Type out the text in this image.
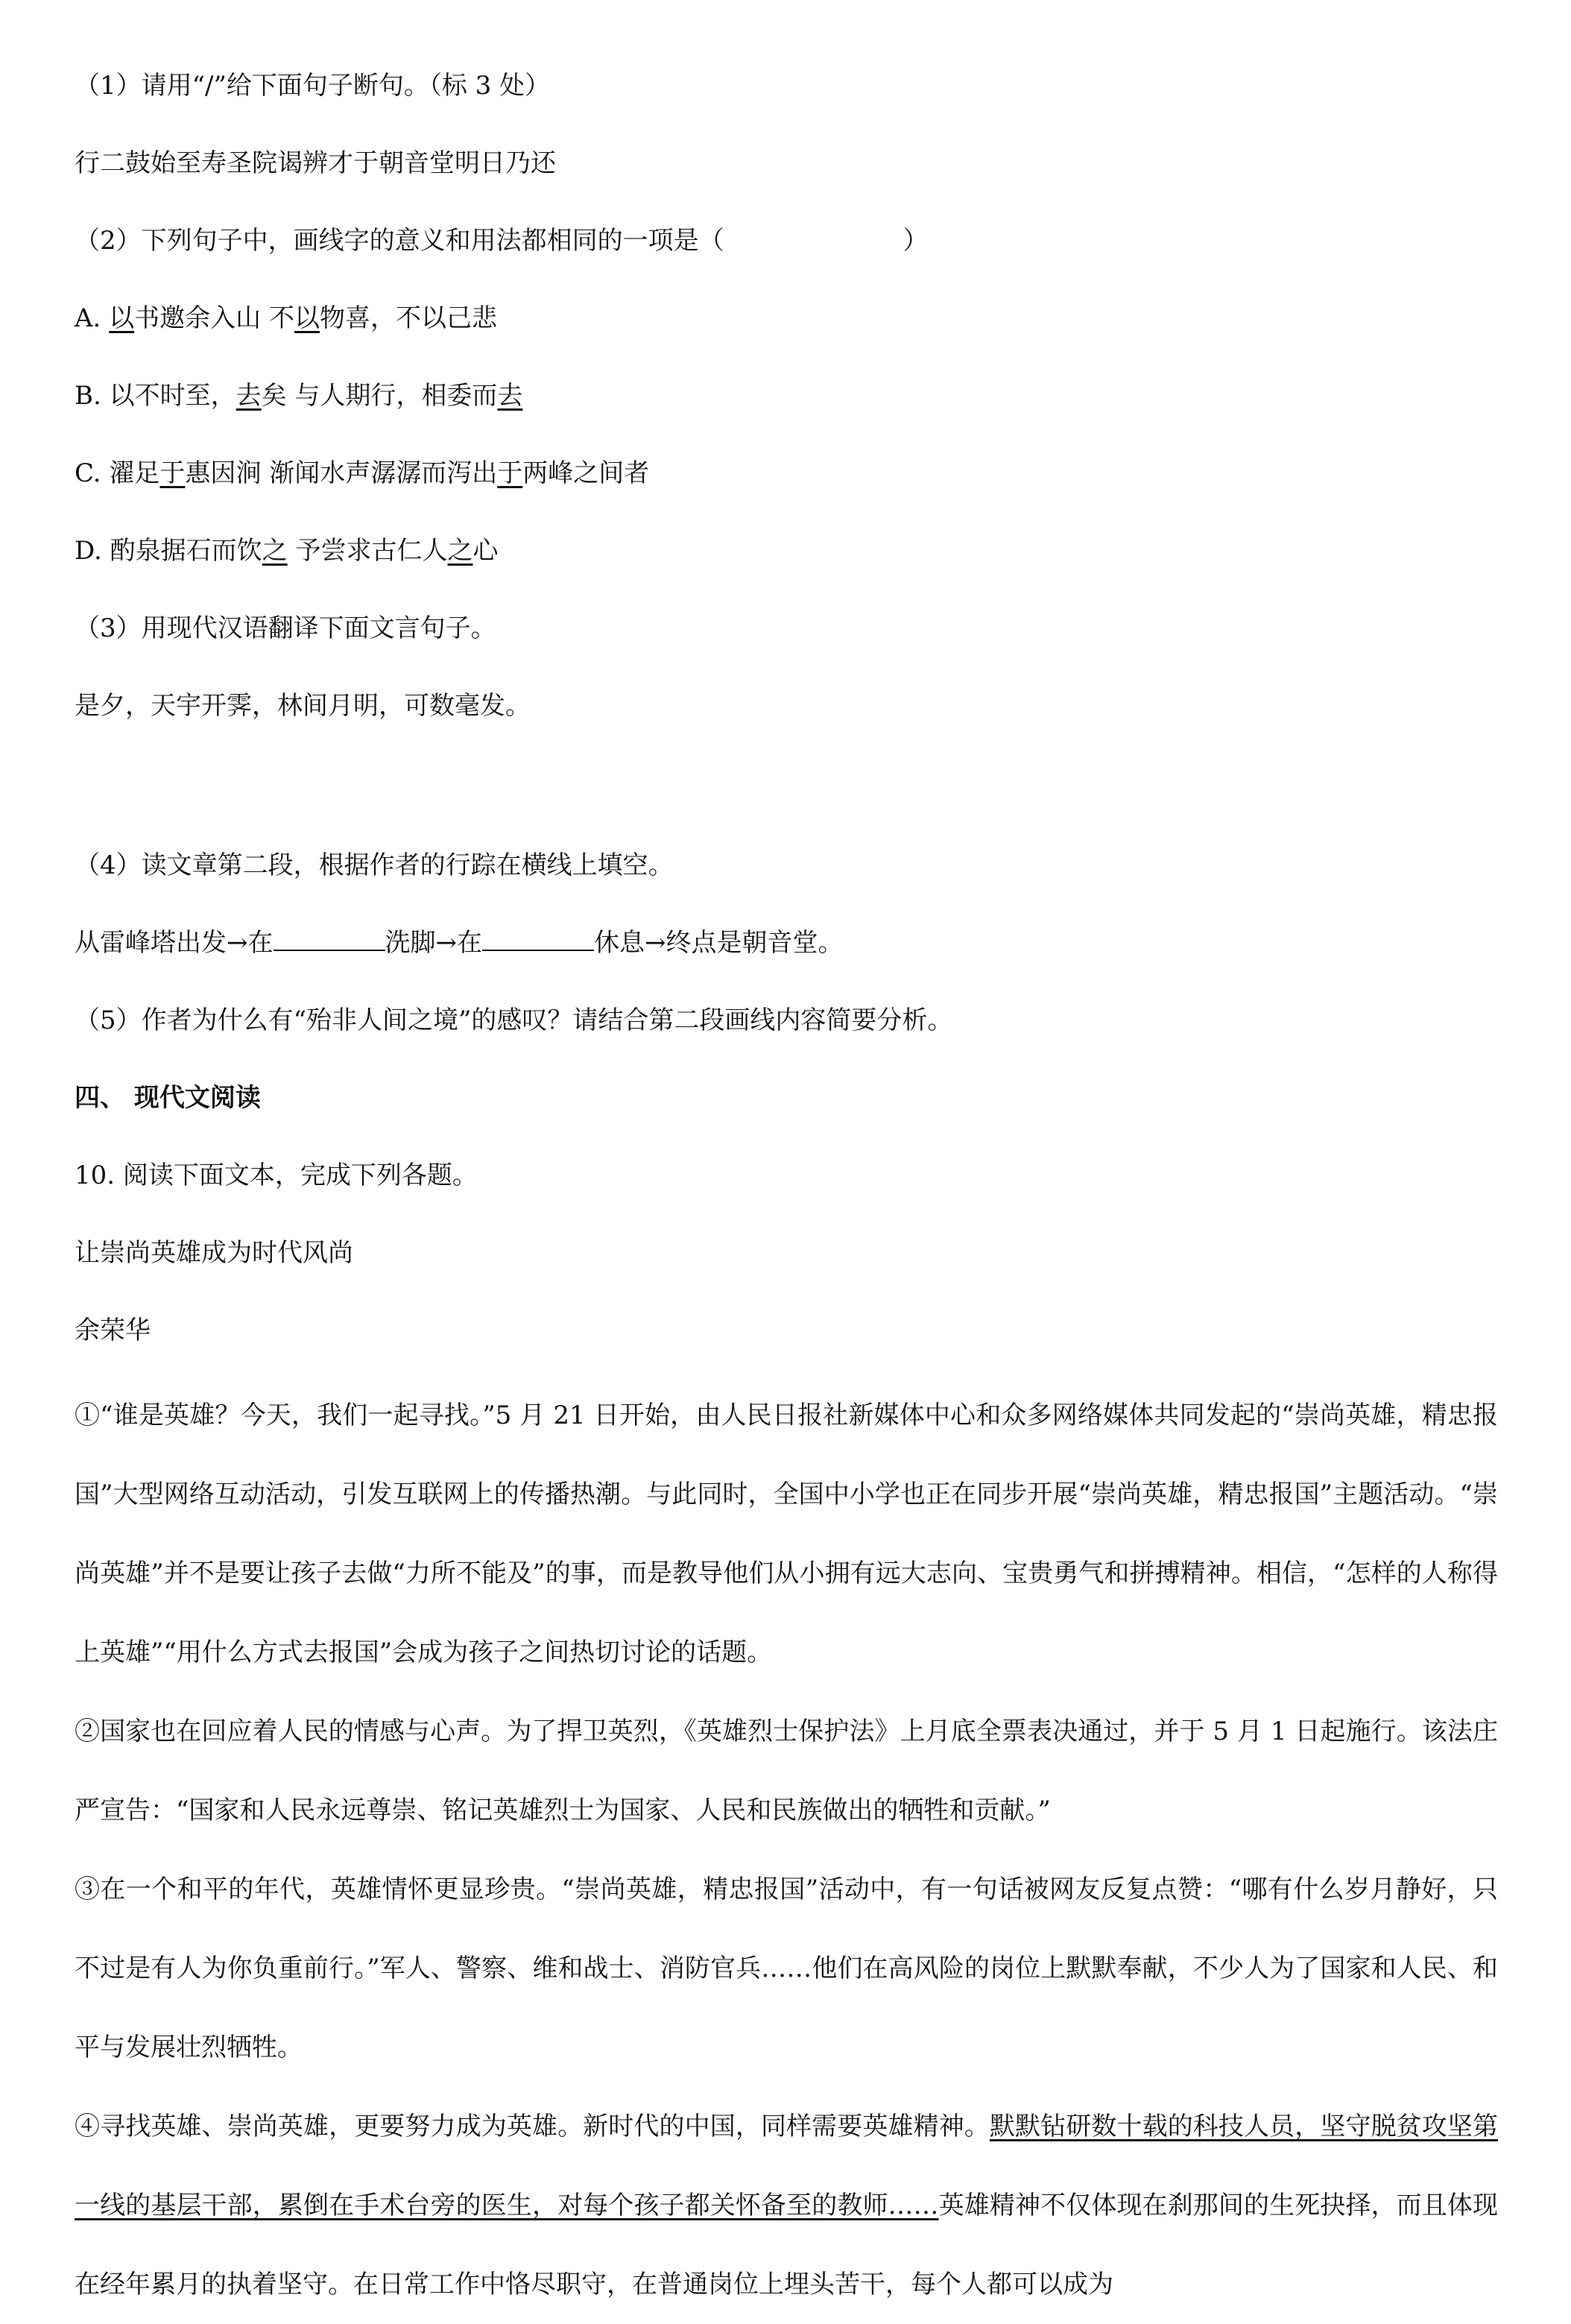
（1）请用“/”给下面句子断句。（标 3 处）
行二鼓始至寿圣院谒辨才于朝音堂明日乃还
（2）下列句子中，画线字的意义和用法都相同的一项是（	）
A. 以书邀余入山 不以物喜，不以己悲
B. 以不时至，去矣 与人期行，相委而去
C. 濯足于惠因涧 渐闻水声潺潺而泻出于两峰之间者
D. 酌泉据石而饮之 予尝求古仁人之心
（3）用现代汉语翻译下面文言句子。
是夕，天宇开霁，林间月明，可数毫发。
（4）读文章第二段，根据作者的行踪在横线上填空。
从雷峰塔出发→在	洗脚→在	休息→终点是朝音堂。
（5）作者为什么有“殆非人间之境”的感叹？请结合第二段画线内容简要分析。
四、 现代文阅读
10. 阅读下面文本，完成下列各题。
让崇尚英雄成为时代风尚
余荣华
①“谁是英雄？今天，我们一起寻找。”5 月 21 日开始，由人民日报社新媒体中心和众多网络媒体共同发起的“崇尚英雄，精忠报国”大型网络互动活动，引发互联网上的传播热潮。与此同时，全国中小学也正在同步开展“崇尚英雄，精忠报国”主题活动。“崇尚英雄”并不是要让孩子去做“力所不能及”的事，而是教导他们从小拥有远大志向、宝贵勇气和拼搏精神。相信，“怎样的人称得上英雄”“用什么方式去报国”会成为孩子之间热切讨论的话题。
②国家也在回应着人民的情感与心声。为了捍卫英烈，《英雄烈士保护法》上月底全票表决通过，并于 5 月 1 日起施行。该法庄严宣告：“国家和人民永远尊崇、铭记英雄烈士为国家、人民和民族做出的牺牲和贡献。”
③在一个和平的年代，英雄情怀更显珍贵。“崇尚英雄，精忠报国”活动中，有一句话被网友反复点赞：“哪有什么岁月静好，只不过是有人为你负重前行。”军人、警察、维和战士、消防官兵……他们在高风险的岗位上默默奉献，不少人为了国家和人民、和平与发展壮烈牺牲。
④寻找英雄、崇尚英雄，更要努力成为英雄。新时代的中国，同样需要英雄精神。默默钻研数十载的科技人员，坚守脱贫攻坚第一线的基层干部，累倒在手术台旁的医生，对每个孩子都关怀备至的教师……英雄精神不仅体现在刹那间的生死抉择，而且体现在经年累月的执着坚守。在日常工作中恪尽职守，在普通岗位上埋头苦干，每个人都可以成为
